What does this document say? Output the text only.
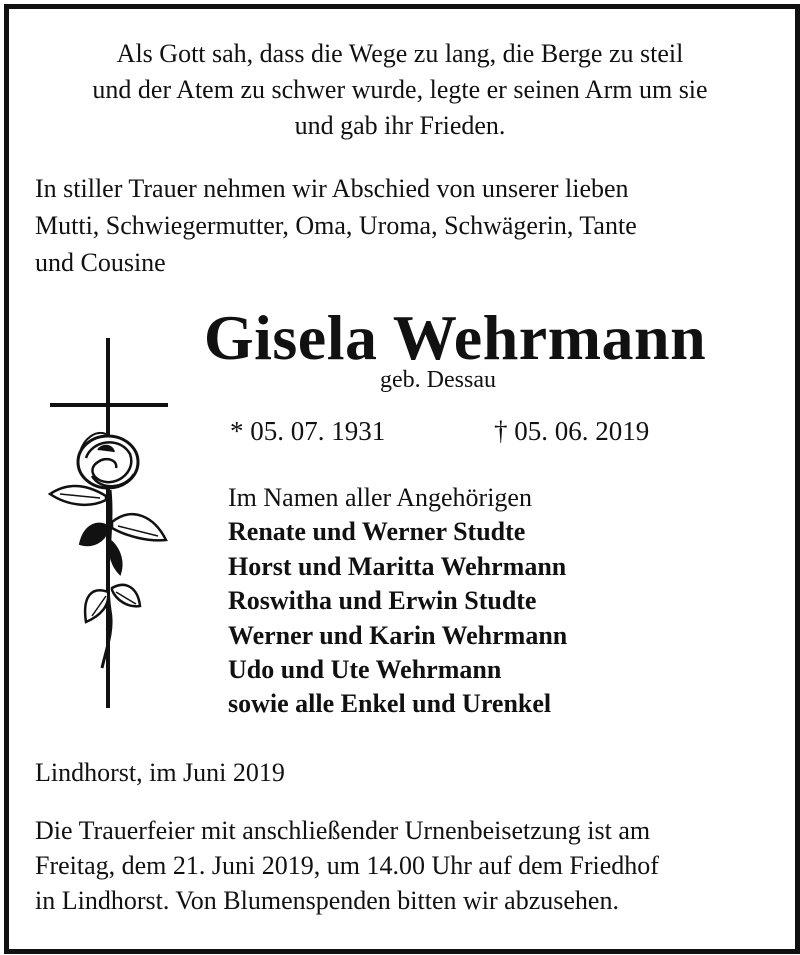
Als Gott sah, dass die Wege zu lang, die Berge zu steil
und der Atem zu schwer wurde, legte er seinen Arm um sie
und gab ihr Frieden.
In stiller Trauer nehmen wir Abschied von unserer lieben
Mutti, Schwiegermutter, Oma, Uroma, Schwägerin, Tante
und Cousine
Gisela Wehrmann
geb. Dessau
* 05. 07. 1931	† 05. 06. 2019
Im Namen aller Angehörigen
Renate und Werner Studte
Horst und Maritta Wehrmann
Roswitha und Erwin Studte
Werner und Karin Wehrmann
Udo und Ute Wehrmann
sowie alle Enkel und Urenkel
Lindhorst, im Juni 2019
Die Trauerfeier mit anschließender Urnenbeisetzung ist am
Freitag, dem 21. Juni 2019, um 14.00 Uhr auf dem Friedhof
in Lindhorst. Von Blumenspenden bitten wir abzusehen.
